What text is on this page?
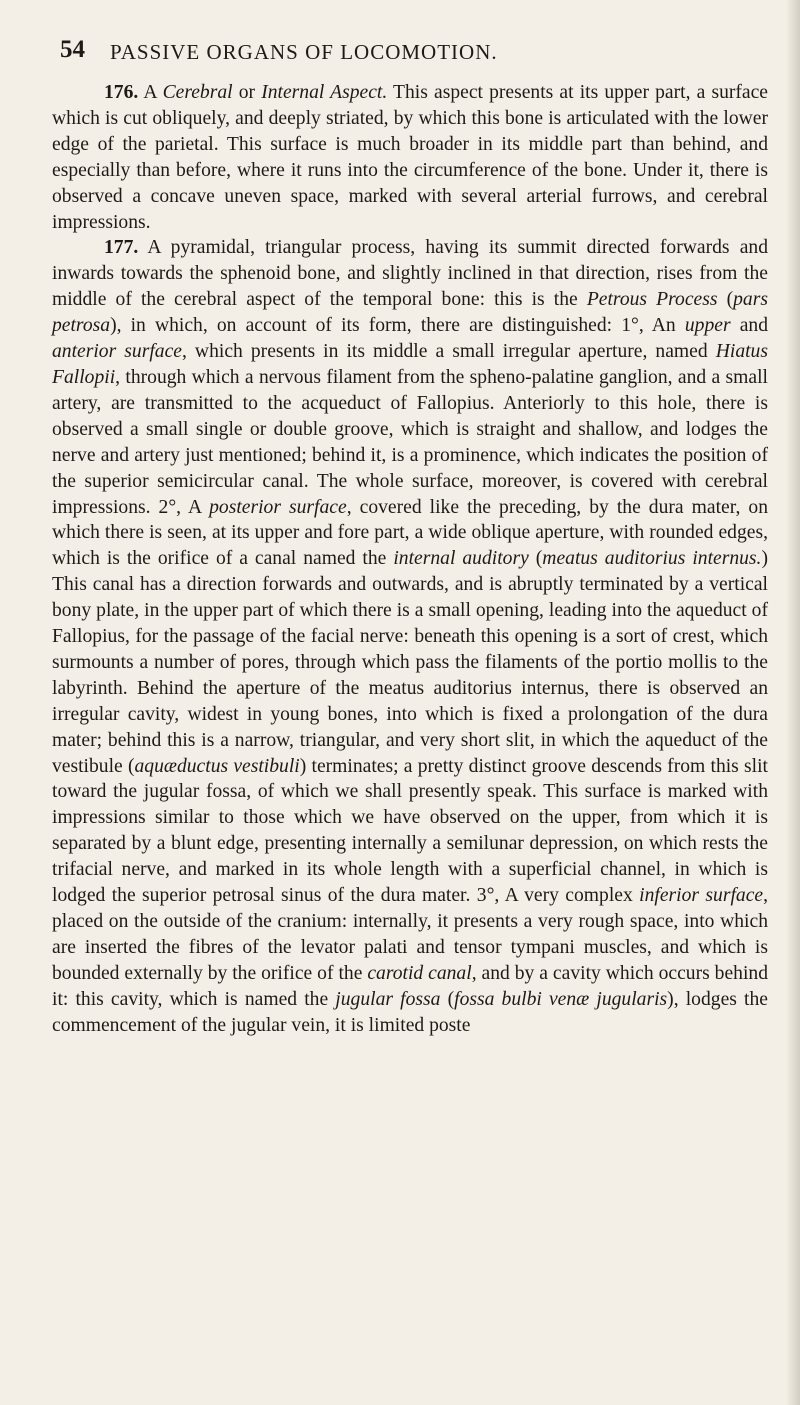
54 PASSIVE ORGANS OF LOCOMOTION.

176. A Cerebral or Internal Aspect. This aspect presents at its upper part, a surface which is cut obliquely, and deeply striated, by which this bone is articulated with the lower edge of the parietal. This surface is much broader in its middle part than behind, and especially than before, where it runs into the circumference of the bone. Under it, there is observed a concave uneven space, marked with several arterial furrows, and cerebral impressions.

177. A pyramidal, triangular process, having its summit directed forwards and inwards towards the sphenoid bone, and slightly inclined in that direction, rises from the middle of the cerebral aspect of the temporal bone: this is the Petrous Process (pars petrosa), in which, on account of its form, there are distinguished: 1°, An upper and anterior surface, which presents in its middle a small irregular aperture, named Hiatus Fallopii, through which a nervous filament from the spheno-palatine ganglion, and a small artery, are transmitted to the acqueduct of Fallopius. Anteriorly to this hole, there is observed a small single or double groove, which is straight and shallow, and lodges the nerve and artery just mentioned; behind it, is a prominence, which indicates the position of the superior semicircular canal. The whole surface, moreover, is covered with cerebral impressions. 2°, A posterior surface, covered like the preceding, by the dura mater, on which there is seen, at its upper and fore part, a wide oblique aperture, with rounded edges, which is the orifice of a canal named the internal auditory (meatus auditorius internus.) This canal has a direction forwards and outwards, and is abruptly terminated by a vertical bony plate, in the upper part of which there is a small opening, leading into the aqueduct of Fallopius, for the passage of the facial nerve: beneath this opening is a sort of crest, which surmounts a number of pores, through which pass the filaments of the portio mollis to the labyrinth. Behind the aperture of the meatus auditorius internus, there is observed an irregular cavity, widest in young bones, into which is fixed a prolongation of the dura mater; behind this is a narrow, triangular, and very short slit, in which the aqueduct of the vestibule (aquæductus vestibuli) terminates; a pretty distinct groove descends from this slit toward the jugular fossa, of which we shall presently speak. This surface is marked with impressions similar to those which we have observed on the upper, from which it is separated by a blunt edge, presenting internally a semilunar depression, on which rests the trifacial nerve, and marked in its whole length with a superficial channel, in which is lodged the superior petrosal sinus of the dura mater. 3°, A very complex inferior surface, placed on the outside of the cranium: internally, it presents a very rough space, into which are inserted the fibres of the levator palati and tensor tympani muscles, and which is bounded externally by the orifice of the carotid canal, and by a cavity which occurs behind it: this cavity, which is named the jugular fossa (fossa bulbi venæ jugularis), lodges the commencement of the jugular vein, it is limited poste
